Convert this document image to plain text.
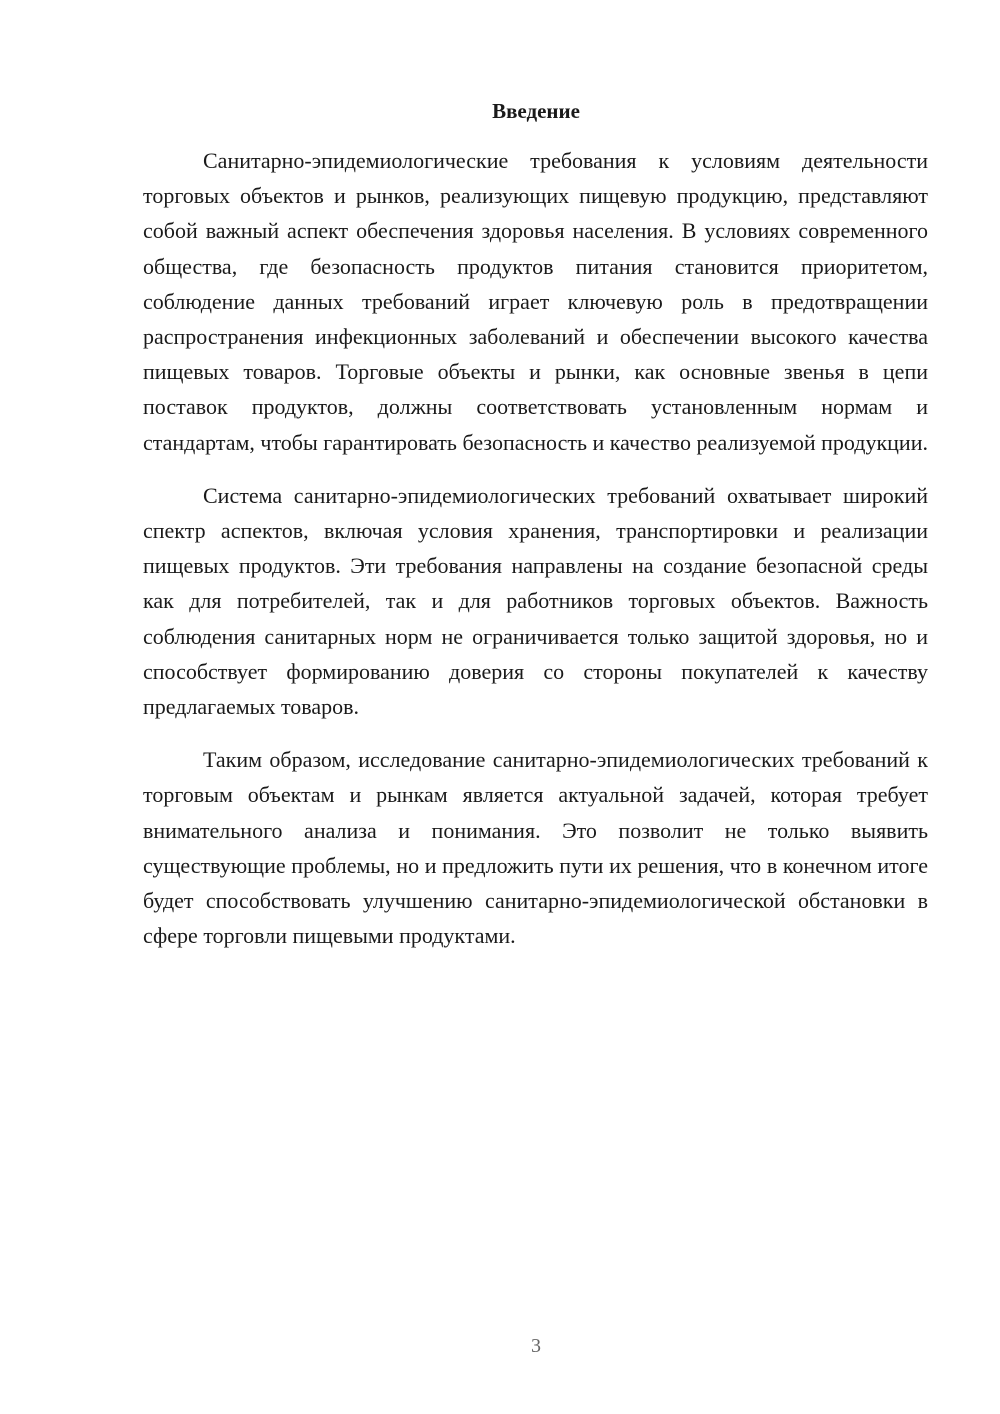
Введение

Санитарно-эпидемиологические требования к условиям деятельности торговых объектов и рынков, реализующих пищевую продукцию, представляют собой важный аспект обеспечения здоровья населения. В условиях современного общества, где безопасность продуктов питания становится приоритетом, соблюдение данных требований играет ключевую роль в предотвращении распространения инфекционных заболеваний и обеспечении высокого качества пищевых товаров. Торговые объекты и рынки, как основные звенья в цепи поставок продуктов, должны соответствовать установленным нормам и стандартам, чтобы гарантировать безопасность и качество реализуемой продукции.

Система санитарно-эпидемиологических требований охватывает широкий спектр аспектов, включая условия хранения, транспортировки и реализации пищевых продуктов. Эти требования направлены на создание безопасной среды как для потребителей, так и для работников торговых объектов. Важность соблюдения санитарных норм не ограничивается только защитой здоровья, но и способствует формированию доверия со стороны покупателей к качеству предлагаемых товаров.

Таким образом, исследование санитарно-эпидемиологических требований к торговым объектам и рынкам является актуальной задачей, которая требует внимательного анализа и понимания. Это позволит не только выявить существующие проблемы, но и предложить пути их решения, что в конечном итоге будет способствовать улучшению санитарно-эпидемиологической обстановки в сфере торговли пищевыми продуктами.

3
